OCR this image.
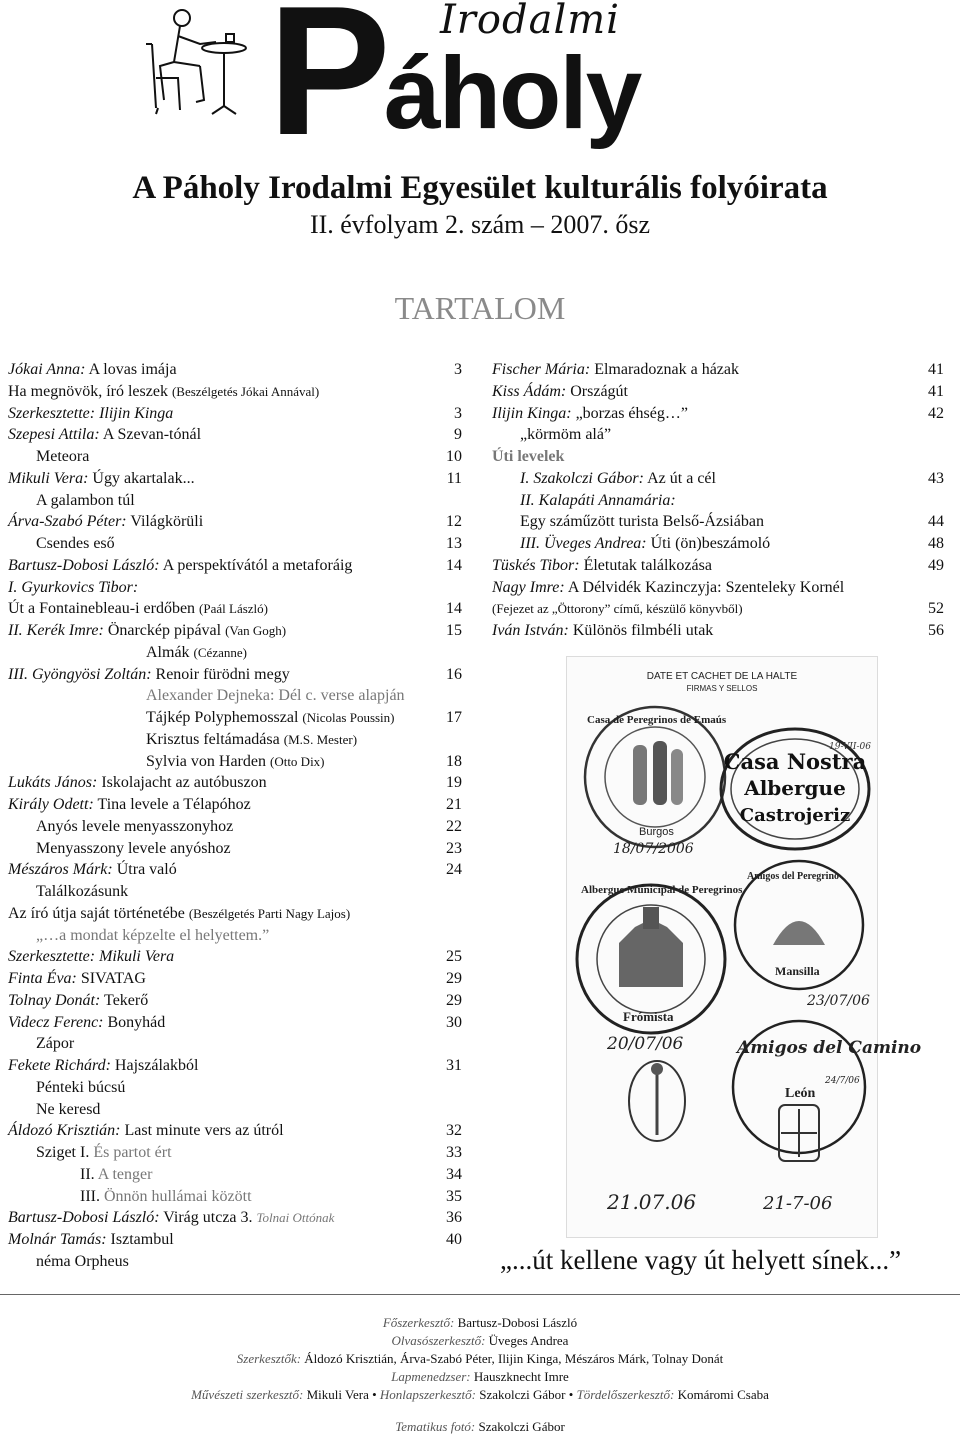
P Irodalmi
áholy
A Páholy Irodalmi Egyesület kulturális folyóirata
II. évfolyam 2. szám – 2007. ősz
TARTALOM
Jókai Anna: A lovas imája	3
Ha megnövök, író leszek (Beszélgetés Jókai Annával)
Szerkesztette: Ilijin Kinga	3
Szepesi Attila: A Szevan-tónál	9
Meteora	10
Mikuli Vera: Úgy akartalak...	11
A galambon túl
Árva-Szabó Péter: Világkörüli	12
Csendes eső	13
Bartusz-Dobosi László: A perspektívától a metaforáig	14
I. Gyurkovics Tibor:
Út a Fontainebleau-i erdőben (Paál László)	14
II. Kerék Imre: Önarckép pipával (Van Gogh)	15
Almák (Cézanne)
III. Gyöngyösi Zoltán: Renoir fürödni megy	16
Alexander Dejneka: Dél c. verse alapján
Tájkép Polyphemosszal (Nicolas Poussin)	17
Krisztus feltámadása (M.S. Mester)
Sylvia von Harden (Otto Dix)	18
Lukáts János: Iskolajacht az autóbuszon	19
Király Odett: Tina levele a Télapóhoz	21
Anyós levele menyasszonyhoz	22
Menyasszony levele anyóshoz	23
Mészáros Márk: Útra való	24
Találkozásunk
Az író útja saját történetébe (Beszélgetés Parti Nagy Lajos)
„…a mondat képzelte el helyettem.”
Szerkesztette: Mikuli Vera	25
Finta Éva: SIVATAG	29
Tolnay Donát: Tekerő	29
Videcz Ferenc: Bonyhád	30
Zápor
Fekete Richárd: Hajszálakból	31
Pénteki búcsú
Ne keresd
Áldozó Krisztián: Last minute vers az útról	32
Sziget I. És partot ért	33
II. A tenger	34
III. Önnön hullámai között	35
Bartusz-Dobosi László: Virág utcza 3. Tolnai Ottónak	36
Molnár Tamás: Isztambul	40
néma Orpheus
Fischer Mária: Elmaradoznak a házak	41
Kiss Ádám: Országút	41
Ilijin Kinga: „borzas éhség…”	42
„körmöm alá”
Úti levelek
I. Szakolczi Gábor: Az út a cél	43
II. Kalapáti Annamária:
Egy száműzött turista Belső-Ázsiában	44
III. Üveges Andrea: Úti (ön)beszámoló	48
Tüskés Tibor: Életutak találkozása	49
Nagy Imre: A Délvidék Kazinczyja: Szenteleky Kornél
(Fejezet az „Öttorony” című, készülő könyvből)	52
Iván István: Különös filmbéli utak	56
DATE ET CACHET DE LA HALTE
FIRMAS Y SELLOS
Casa de Peregrinos de Emaús
Burgos
18/07/2006
Casa Nostra
19-VII-06
Albergue
Castrojeriz
Albergue Municipal de Peregrinos
Frómista
20/07/06
Amigos del Peregrino
Mansilla
23/07/06
Amigos del Camino
León
24/7/06
21.07.06	21-7-06
„...út kellene vagy út helyett sínek...”
Főszerkesztő: Bartusz-Dobosi László
Olvasószerkesztő: Üveges Andrea
Szerkesztők: Áldozó Krisztián, Árva-Szabó Péter, Ilijin Kinga, Mészáros Márk, Tolnay Donát
Lapmenedzser: Hauszknecht Imre
Művészeti szerkesztő: Mikuli Vera • Honlapszerkesztő: Szakolczi Gábor • Tördelőszerkesztő: Komáromi Csaba
Tematikus fotó: Szakolczi Gábor
